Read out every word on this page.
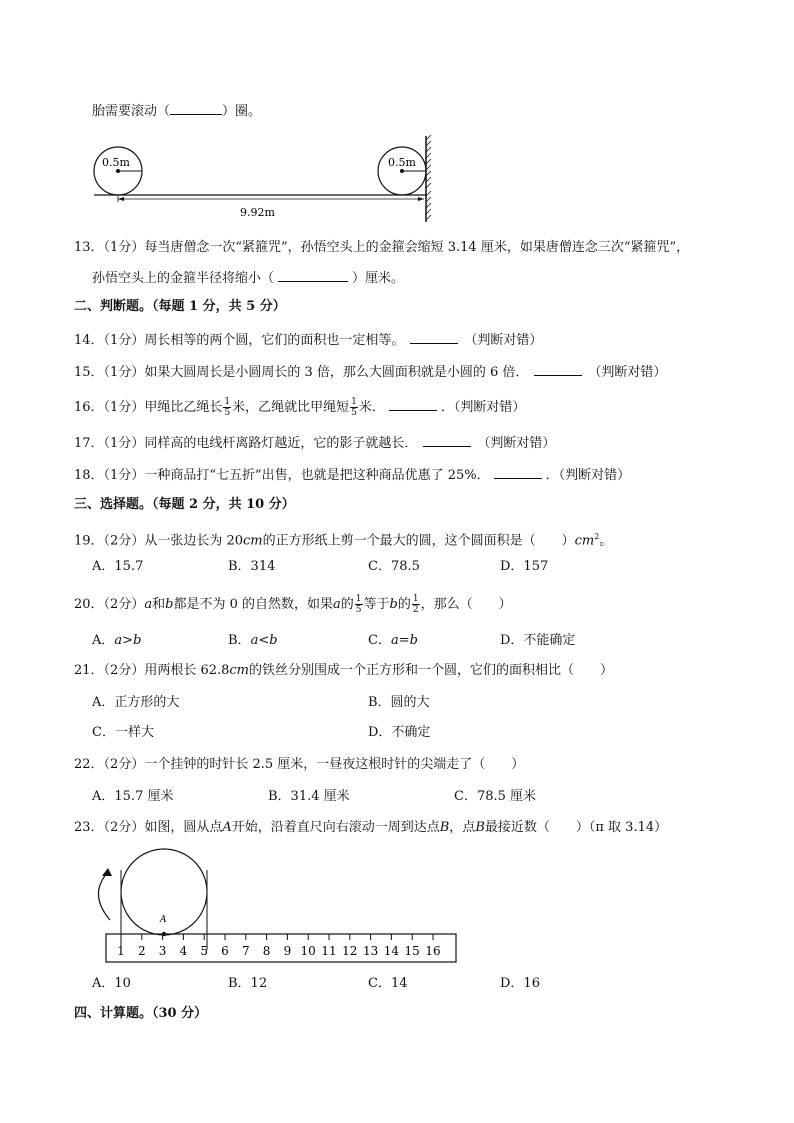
胎需要滚动（	）圈。
0.5m	0.5m
9.92m
13．（1分）每当唐僧念一次“紧箍咒”，孙悟空头上的金箍会缩短 3.14 厘米，如果唐僧连念三次“紧箍咒”，
孙悟空头上的金箍半径将缩小（	）厘米。
二、判断题。（每题 1 分，共 5 分）
14．（1分）周长相等的两个圆，它们的面积也一定相等。	（判断对错）
15．（1分）如果大圆周长是小圆周长的 3 倍，那么大圆面积就是小圆的 6 倍．	（判断对错）
16．（1分）甲绳比乙绳长 $\frac{1}{5}$ 米，乙绳就比甲绳短 $\frac{1}{5}$ 米．	．（判断对错）
17．（1分）同样高的电线杆离路灯越近，它的影子就越长．	（判断对错）
18．（1分）一种商品打“七五折”出售，也就是把这种商品优惠了 25%．	．（判断对错）
三、选择题。（每题 2 分，共 10 分）
19．（2分）从一张边长为 20cm的正方形纸上剪一个最大的圆，这个圆面积是（　　）$cm^2$。
A．15.7	B．314	C．78.5	D．157
20．（2分）a和b都是不为 0 的自然数，如果a的 $\frac{1}{5}$ 等于b的 $\frac{1}{2}$ ，那么（　　）
A．a>b	B．a<b	C．a=b	D．不能确定
21．（2分）用两根长 62.8cm的铁丝分别围成一个正方形和一个圆，它们的面积相比（　　）
A．正方形的大	B．圆的大
C．一样大	D．不确定
22．（2分）一个挂钟的时针长 2.5 厘米，一昼夜这根时针的尖端走了（　　）
A．15.7 厘米	B．31.4 厘米	C．78.5 厘米
23．（2分）如图，圆从点A开始，沿着直尺向右滚动一周到达点B，点B最接近数（　　）（π 取 3.14）
A
1 2 3 4 5 6 7 8 9 10 11 12 13 14 15 16
A．10	B．12	C．14	D．16
四、计算题。（30 分）
